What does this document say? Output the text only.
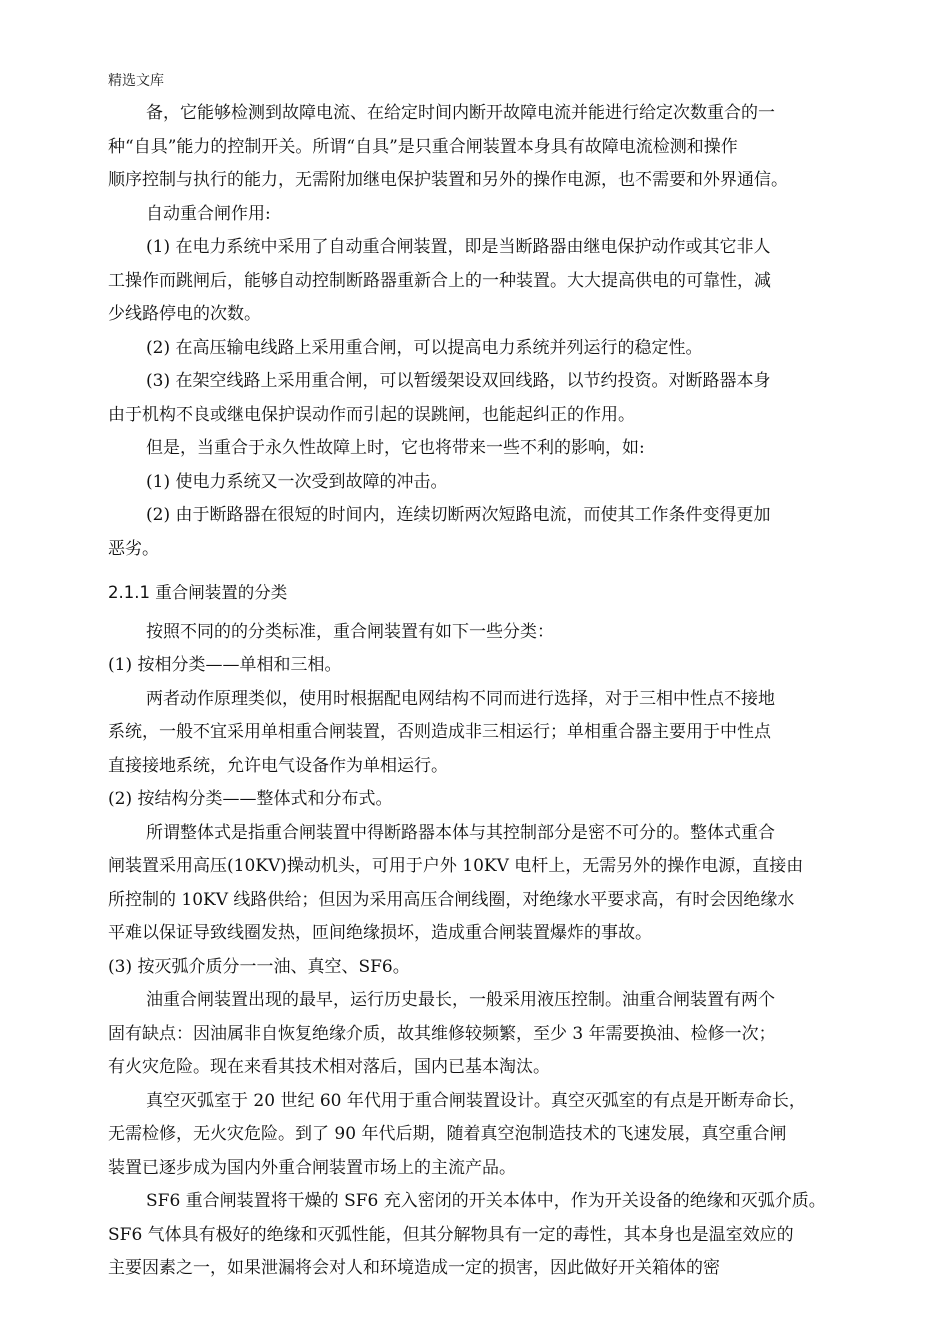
精选文库
备，它能够检测到故障电流、在给定时间内断开故障电流并能进行给定次数重合的一
种“自具”能力的控制开关。所谓“自具”是只重合闸装置本身具有故障电流检测和操作
顺序控制与执行的能力，无需附加继电保护装置和另外的操作电源，也不需要和外界通信。
自动重合闸作用:
(1) 在电力系统中采用了自动重合闸装置，即是当断路器由继电保护动作或其它非人
工操作而跳闸后，能够自动控制断路器重新合上的一种装置。大大提高供电的可靠性，减
少线路停电的次数。
(2) 在高压输电线路上采用重合闸，可以提高电力系统并列运行的稳定性。
(3) 在架空线路上采用重合闸，可以暂缓架设双回线路，以节约投资。对断路器本身
由于机构不良或继电保护误动作而引起的误跳闸，也能起纠正的作用。
但是，当重合于永久性故障上时，它也将带来一些不利的影响，如:
(1) 使电力系统又一次受到故障的冲击。
(2) 由于断路器在很短的时间内，连续切断两次短路电流，而使其工作条件变得更加
恶劣。
2.1.1 重合闸装置的分类
按照不同的的分类标准，重合闸装置有如下一些分类：
(1) 按相分类——单相和三相。
两者动作原理类似，使用时根据配电网结构不同而进行选择，对于三相中性点不接地
系统，一般不宜采用单相重合闸装置，否则造成非三相运行；单相重合器主要用于中性点
直接接地系统，允许电气设备作为单相运行。
(2) 按结构分类——整体式和分布式。
所谓整体式是指重合闸装置中得断路器本体与其控制部分是密不可分的。整体式重合
闸装置采用高压(10KV)操动机头，可用于户外 10KV 电杆上，无需另外的操作电源，直接由
所控制的 10KV 线路供给；但因为采用高压合闸线圈，对绝缘水平要求高，有时会因绝缘水
平难以保证导致线圈发热，匝间绝缘损坏，造成重合闸装置爆炸的事故。
(3) 按灭弧介质分一一油、真空、SF6。
油重合闸装置出现的最早，运行历史最长，一般采用液压控制。油重合闸装置有两个
固有缺点：因油属非自恢复绝缘介质，故其维修较频繁，至少 3 年需要换油、检修一次；
有火灾危险。现在来看其技术相对落后，国内已基本淘汰。
真空灭弧室于 20 世纪 60 年代用于重合闸装置设计。真空灭弧室的有点是开断寿命长，
无需检修，无火灾危险。到了 90 年代后期，随着真空泡制造技术的飞速发展，真空重合闸
装置已逐步成为国内外重合闸装置市场上的主流产品。
SF6 重合闸装置将干燥的 SF6 充入密闭的开关本体中，作为开关设备的绝缘和灭弧介质。
SF6 气体具有极好的绝缘和灭弧性能，但其分解物具有一定的毒性，其本身也是温室效应的
主要因素之一，如果泄漏将会对人和环境造成一定的损害，因此做好开关箱体的密
